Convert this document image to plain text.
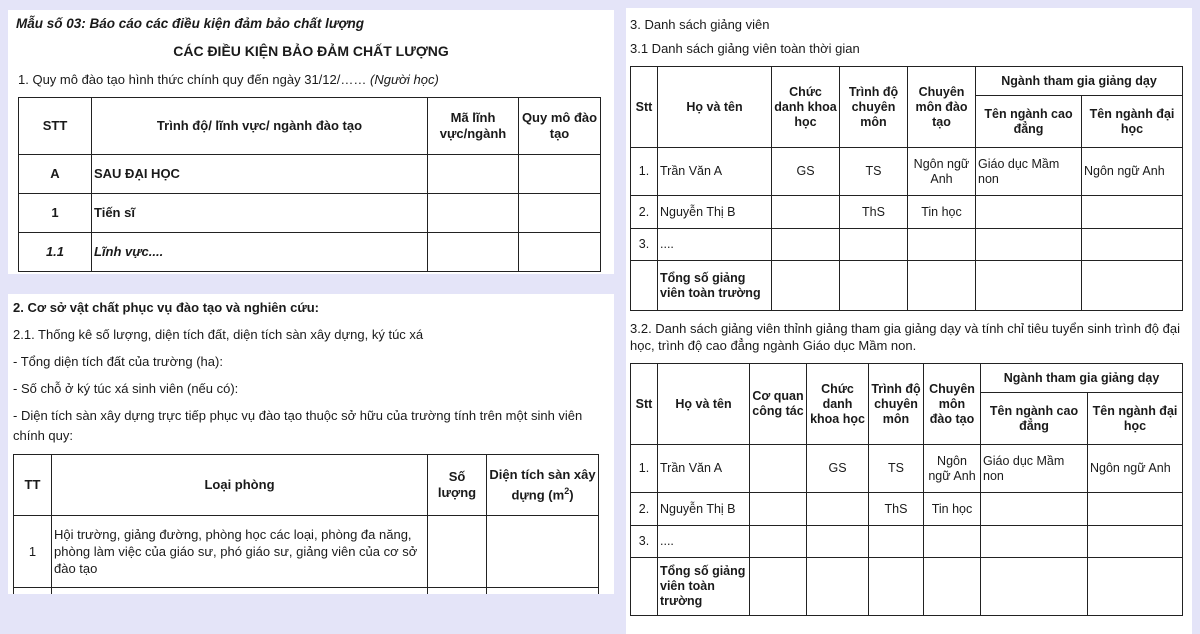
Mẫu số 03: Báo cáo các điều kiện đảm bảo chất lượng
CÁC ĐIỀU KIỆN BẢO ĐẢM CHẤT LƯỢNG
1. Quy mô đào tạo hình thức chính quy đến ngày 31/12/…… (Người học)
STT	Trình độ/ lĩnh vực/ ngành đào tạo	Mã lĩnh vực/ngành	Quy mô đào tạo
A	SAU ĐẠI HỌC		
1	Tiến sĩ		
1.1	Lĩnh vực....		
2. Cơ sở vật chất phục vụ đào tạo và nghiên cứu:
2.1. Thống kê số lượng, diện tích đất, diện tích sàn xây dựng, ký túc xá
- Tổng diện tích đất của trường (ha):
- Số chỗ ở ký túc xá sinh viên (nếu có):
- Diện tích sàn xây dựng trực tiếp phục vụ đào tạo thuộc sở hữu của trường tính trên một sinh viên
chính quy:
TT	Loại phòng	Số lượng	Diện tích sàn xây dựng $(m^2)$
1	Hội trường, giảng đường, phòng học các loại, phòng đa năng,
phòng làm việc của giáo sư, phó giáo sư, giảng viên của cơ sở
đào tạo		

3. Danh sách giảng viên
3.1 Danh sách giảng viên toàn thời gian
Stt	Họ và tên	Chức danh khoa học	Trình độ chuyên môn	Chuyên môn đào tạo	Ngành tham gia giảng dạy	
					Tên ngành cao đẳng	Tên ngành đại học
1.	Trần Văn A	GS	TS	Ngôn ngữ Anh	Giáo dục Mầm non	Ngôn ngữ Anh
2.	Nguyễn Thị B		ThS	Tin học		
3.	....					
	Tổng số giảng viên toàn trường					
3.2. Danh sách giảng viên thỉnh giảng tham gia giảng dạy và tính chỉ tiêu tuyển sinh trình độ đại
học, trình độ cao đẳng ngành Giáo dục Mầm non.
Stt	Họ và tên	Cơ quan công tác	Chức danh khoa học	Trình độ chuyên môn	Chuyên môn đào tạo	Ngành tham gia giảng dạy	
						Tên ngành cao đẳng	Tên ngành đại học
1.	Trần Văn A		GS	TS	Ngôn ngữ Anh	Giáo dục Mầm non	Ngôn ngữ Anh
2.	Nguyễn Thị B			ThS	Tin học		
3.	....						
	Tổng số giảng viên toàn trường						
